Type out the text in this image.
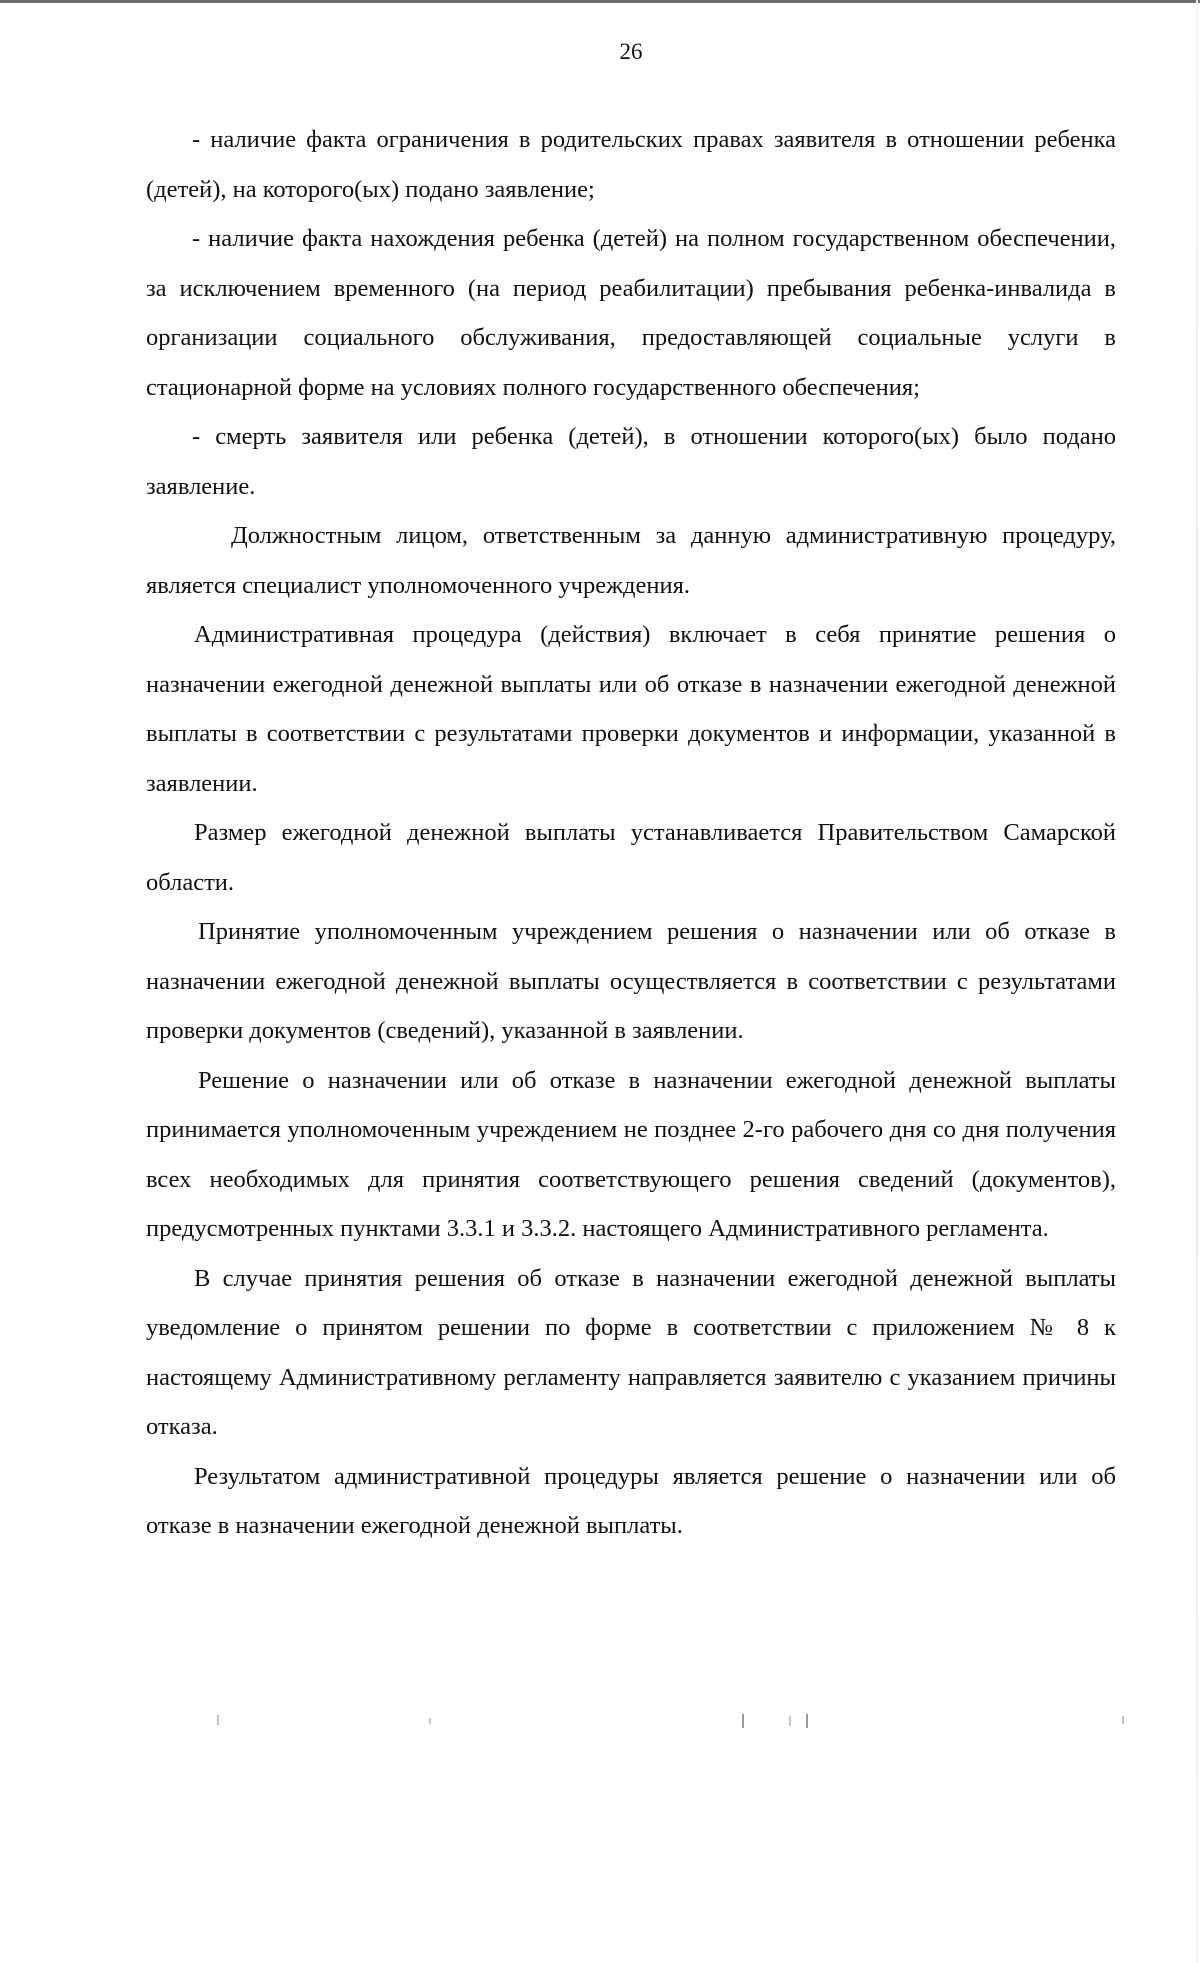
26

- наличие факта ограничения в родительских правах заявителя в отношении ребенка (детей), на которого(ых) подано заявление;

- наличие факта нахождения ребенка (детей) на полном государственном обеспечении, за исключением временного (на период реабилитации) пребывания ребенка-инвалида в организации социального обслуживания, предоставляющей социальные услуги в стационарной форме на условиях полного государственного обеспечения;

- смерть заявителя или ребенка (детей), в отношении которого(ых) было подано заявление.

Должностным лицом, ответственным за данную административную процедуру, является специалист уполномоченного учреждения.

Административная процедура (действия) включает в себя принятие решения о назначении ежегодной денежной выплаты или об отказе в назначении ежегодной денежной выплаты в соответствии с результатами проверки документов и информации, указанной в заявлении.

Размер ежегодной денежной выплаты устанавливается Правительством Самарской области.

Принятие уполномоченным учреждением решения о назначении или об отказе в назначении ежегодной денежной выплаты осуществляется в соответствии с результатами проверки документов (сведений), указанной в заявлении.

Решение о назначении или об отказе в назначении ежегодной денежной выплаты принимается уполномоченным учреждением не позднее 2-го рабочего дня со дня получения всех необходимых для принятия соответствующего решения сведений (документов), предусмотренных пунктами 3.3.1 и 3.3.2. настоящего Административного регламента.

В случае принятия решения об отказе в назначении ежегодной денежной выплаты уведомление о принятом решении по форме в соответствии с приложением № 8 к настоящему Административному регламенту направляется заявителю с указанием причины отказа.

Результатом административной процедуры является решение о назначении или об отказе в назначении ежегодной денежной выплаты.
